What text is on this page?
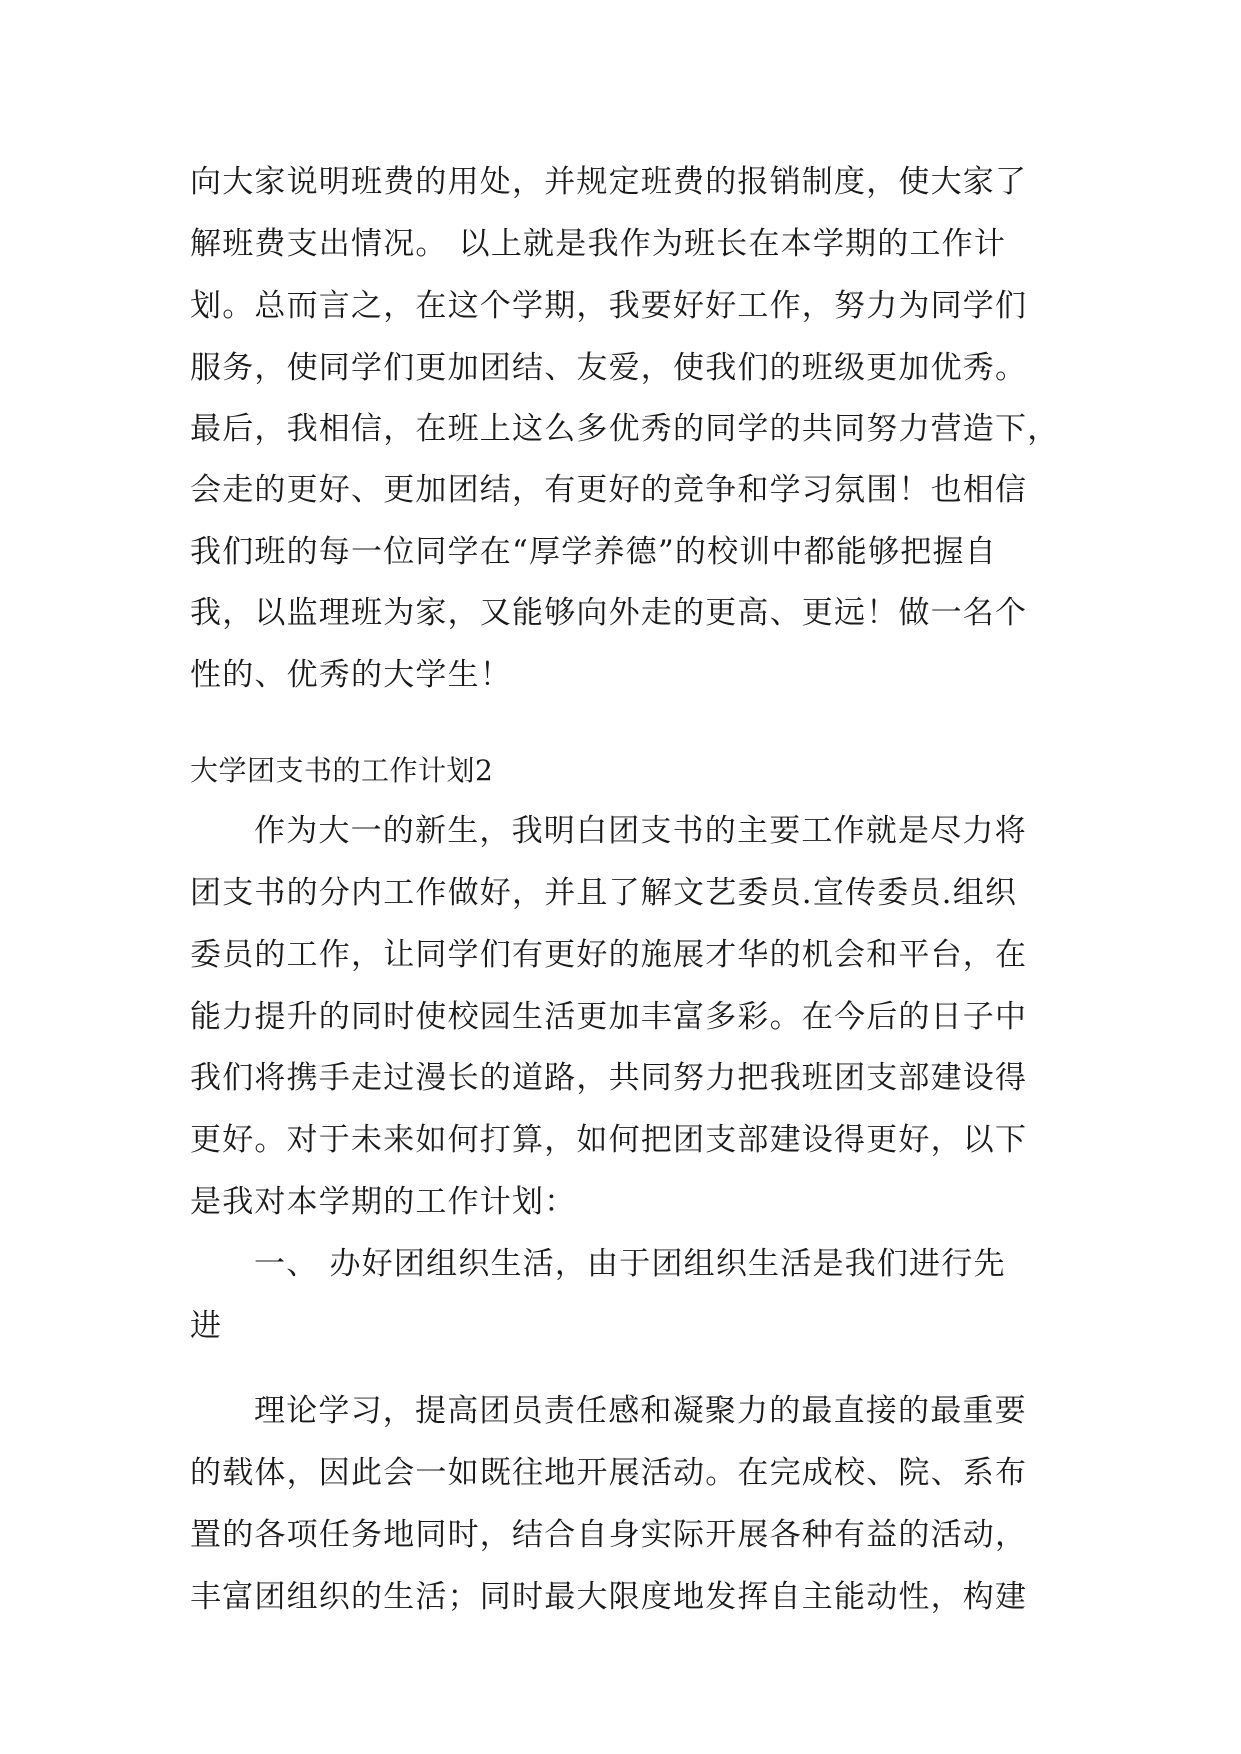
向大家说明班费的用处，并规定班费的报销制度，使大家了
解班费支出情况。 以上就是我作为班长在本学期的工作计
划。总而言之，在这个学期，我要好好工作，努力为同学们
服务，使同学们更加团结、友爱，使我们的班级更加优秀。
最后，我相信，在班上这么多优秀的同学的共同努力营造下，
会走的更好、更加团结，有更好的竞争和学习氛围！也相信
我们班的每一位同学在“厚学养德”的校训中都能够把握自
我，以监理班为家，又能够向外走的更高、更远！做一名个
性的、优秀的大学生！
大学团支书的工作计划2
作为大一的新生，我明白团支书的主要工作就是尽力将
团支书的分内工作做好，并且了解文艺委员.宣传委员.组织
委员的工作，让同学们有更好的施展才华的机会和平台，在
能力提升的同时使校园生活更加丰富多彩。在今后的日子中
我们将携手走过漫长的道路，共同努力把我班团支部建设得
更好。对于未来如何打算，如何把团支部建设得更好，以下
是我对本学期的工作计划：
一、 办好团组织生活，由于团组织生活是我们进行先
进
理论学习，提高团员责任感和凝聚力的最直接的最重要
的载体，因此会一如既往地开展活动。在完成校、院、系布
置的各项任务地同时，结合自身实际开展各种有益的活动，
丰富团组织的生活；同时最大限度地发挥自主能动性，构建
